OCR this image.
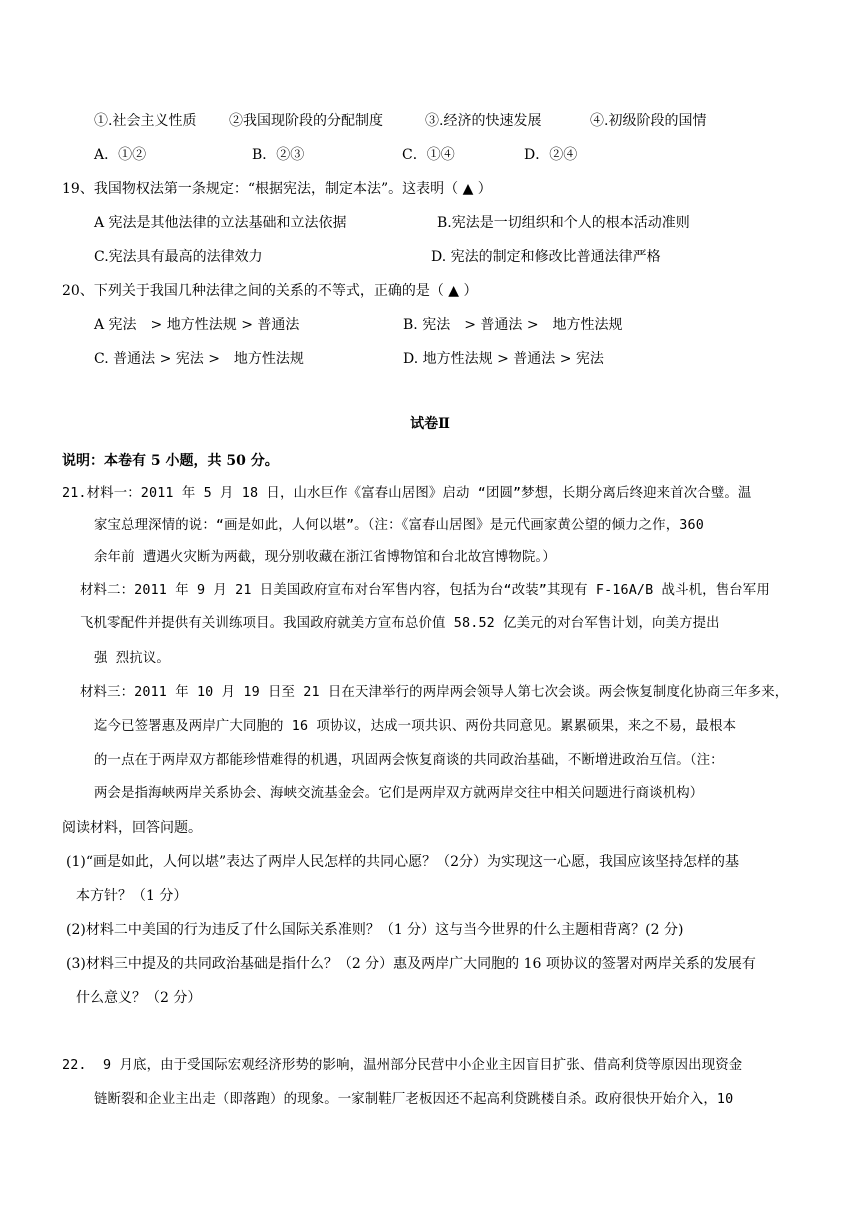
①.社会主义性质 ②我国现阶段的分配制度	③.经济的快速发展	④.初级阶段的国情
A．①②	B．②③	C．①④	D．②④
19、我国物权法第一条规定：“根据宪法，制定本法”。这表明（ ▲ ）
A 宪法是其他法律的立法基础和立法依据	B.宪法是一切组织和个人的根本活动准则
C.宪法具有最高的法律效力	D. 宪法的制定和修改比普通法律严格
20、下列关于我国几种法律之间的关系的不等式，正确的是（ ▲ ）
A 宪法　> 地方性法规 > 普通法	B. 宪法　> 普通法 >　地方性法规
C. 普通法 > 宪法 >　地方性法规	D. 地方性法规 > 普通法 > 宪法
试卷Ⅱ
说明：本卷有 5 小题，共 50 分。
21.材料一：2011 年 5 月 18 日，山水巨作《富春山居图》启动 “团圆”梦想，长期分离后终迎来首次合璧。温
家宝总理深情的说：“画是如此，人何以堪”。（注：《富春山居图》是元代画家黄公望的倾力之作，360
余年前 遭遇火灾断为两截，现分别收藏在浙江省博物馆和台北故宫博物院。）
材料二：2011 年 9 月 21 日美国政府宣布对台军售内容，包括为台“改装”其现有 F-16A/B 战斗机，售台军用
飞机零配件并提供有关训练项目。我国政府就美方宣布总价值 58.52 亿美元的对台军售计划，向美方提出
强 烈抗议。
材料三：2011 年 10 月 19 日至 21 日在天津举行的两岸两会领导人第七次会谈。两会恢复制度化协商三年多来，
迄今已签署惠及两岸广大同胞的 16 项协议，达成一项共识、两份共同意见。累累硕果，来之不易，最根本
的一点在于两岸双方都能珍惜难得的机遇，巩固两会恢复商谈的共同政治基础，不断增进政治互信。（注：
两会是指海峡两岸关系协会、海峡交流基金会。它们是两岸双方就两岸交往中相关问题进行商谈机构）
阅读材料，回答问题。
(1)“画是如此，人何以堪”表达了两岸人民怎样的共同心愿？（2分）为实现这一心愿，我国应该坚持怎样的基
本方针？（1 分）
(2)材料二中美国的行为违反了什么国际关系准则？（1 分）这与当今世界的什么主题相背离？(2 分)
(3)材料三中提及的共同政治基础是指什么？（2 分）惠及两岸广大同胞的 16 项协议的签署对两岸关系的发展有
什么意义？（2 分）
22.  9 月底，由于受国际宏观经济形势的影响，温州部分民营中小企业主因盲目扩张、借高利贷等原因出现资金
链断裂和企业主出走（即落跑）的现象。一家制鞋厂老板因还不起高利贷跳楼自杀。政府很快开始介入，10
